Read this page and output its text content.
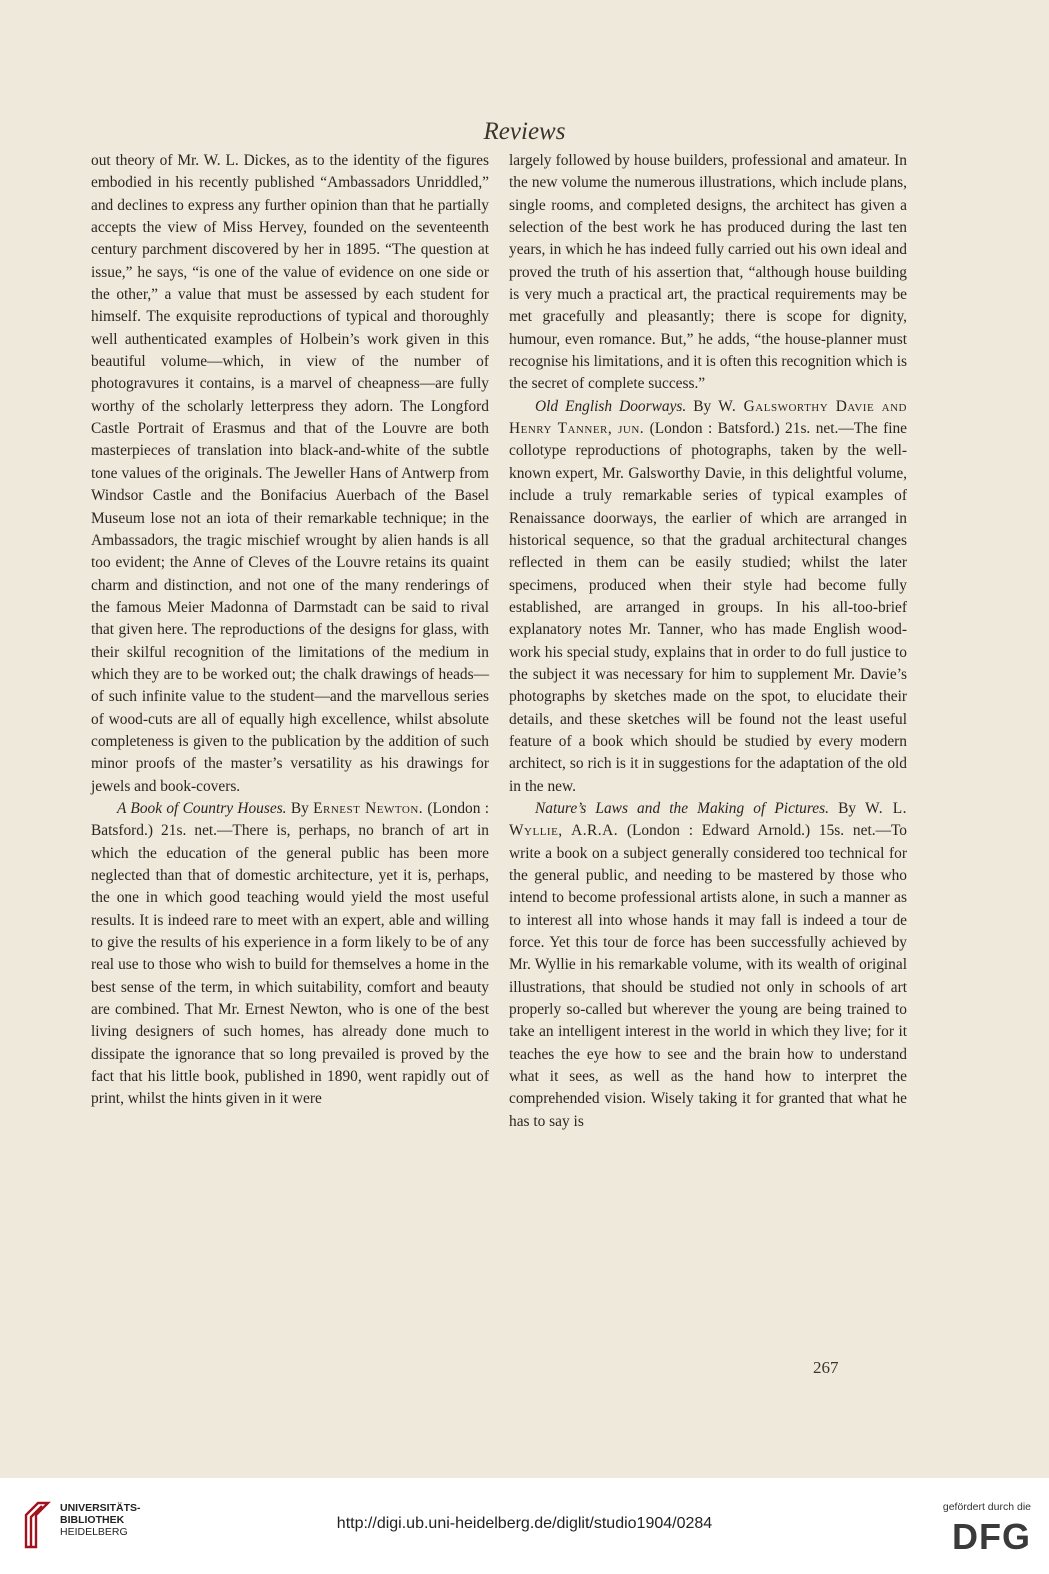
Reviews

out theory of Mr. W. L. Dickes, as to the identity of the figures embodied in his recently published “Ambassadors Unriddled,” and declines to express any further opinion than that he partially accepts the view of Miss Hervey, founded on the seventeenth century parchment discovered by her in 1895. “The question at issue,” he says, “is one of the value of evidence on one side or the other,” a value that must be assessed by each student for himself. The exquisite reproductions of typical and thoroughly well authenticated examples of Holbein’s work given in this beautiful volume—which, in view of the number of photogravures it contains, is a marvel of cheapness—are fully worthy of the scholarly letterpress they adorn. The Longford Castle Portrait of Erasmus and that of the Louvre are both masterpieces of translation into black-and-white of the subtle tone values of the originals. The Jeweller Hans of Antwerp from Windsor Castle and the Bonifacius Auerbach of the Basel Museum lose not an iota of their remarkable technique; in the Ambassadors, the tragic mischief wrought by alien hands is all too evident; the Anne of Cleves of the Louvre retains its quaint charm and distinction, and not one of the many renderings of the famous Meier Madonna of Darmstadt can be said to rival that given here. The reproductions of the designs for glass, with their skilful recognition of the limitations of the medium in which they are to be worked out; the chalk drawings of heads—of such infinite value to the student—and the marvellous series of wood-cuts are all of equally high excellence, whilst absolute completeness is given to the publication by the addition of such minor proofs of the master’s versatility as his drawings for jewels and book-covers.

A Book of Country Houses. By Ernest Newton. (London : Batsford.) 21s. net.—There is, perhaps, no branch of art in which the education of the general public has been more neglected than that of domestic architecture, yet it is, perhaps, the one in which good teaching would yield the most useful results. It is indeed rare to meet with an expert, able and willing to give the results of his experience in a form likely to be of any real use to those who wish to build for themselves a home in the best sense of the term, in which suitability, comfort and beauty are combined. That Mr. Ernest Newton, who is one of the best living designers of such homes, has already done much to dissipate the ignorance that so long prevailed is proved by the fact that his little book, published in 1890, went rapidly out of print, whilst the hints given in it were

largely followed by house builders, professional and amateur. In the new volume the numerous illustrations, which include plans, single rooms, and completed designs, the architect has given a selection of the best work he has produced during the last ten years, in which he has indeed fully carried out his own ideal and proved the truth of his assertion that, “although house building is very much a practical art, the practical requirements may be met gracefully and pleasantly; there is scope for dignity, humour, even romance. But,” he adds, “the house-planner must recognise his limitations, and it is often this recognition which is the secret of complete success.”

Old English Doorways. By W. Galsworthy Davie and Henry Tanner, jun. (London : Batsford.) 21s. net.—The fine collotype reproductions of photographs, taken by the well-known expert, Mr. Galsworthy Davie, in this delightful volume, include a truly remarkable series of typical examples of Renaissance doorways, the earlier of which are arranged in historical sequence, so that the gradual architectural changes reflected in them can be easily studied; whilst the later specimens, produced when their style had become fully established, are arranged in groups. In his all-too-brief explanatory notes Mr. Tanner, who has made English wood-work his special study, explains that in order to do full justice to the subject it was necessary for him to supplement Mr. Davie’s photographs by sketches made on the spot, to elucidate their details, and these sketches will be found not the least useful feature of a book which should be studied by every modern architect, so rich is it in suggestions for the adaptation of the old in the new.

Nature’s Laws and the Making of Pictures. By W. L. Wyllie, A.R.A. (London : Edward Arnold.) 15s. net.—To write a book on a subject generally considered too technical for the general public, and needing to be mastered by those who intend to become professional artists alone, in such a manner as to interest all into whose hands it may fall is indeed a tour de force. Yet this tour de force has been successfully achieved by Mr. Wyllie in his remarkable volume, with its wealth of original illustrations, that should be studied not only in schools of art properly so-called but wherever the young are being trained to take an intelligent interest in the world in which they live; for it teaches the eye how to see and the brain how to understand what it sees, as well as the hand how to interpret the comprehended vision. Wisely taking it for granted that what he has to say is

267
UNIVERSITÄTS-
BIBLIOTHEK
HEIDELBERG	http://digi.ub.uni-heidelberg.de/diglit/studio1904/0284
gefördert durch die
DFG
